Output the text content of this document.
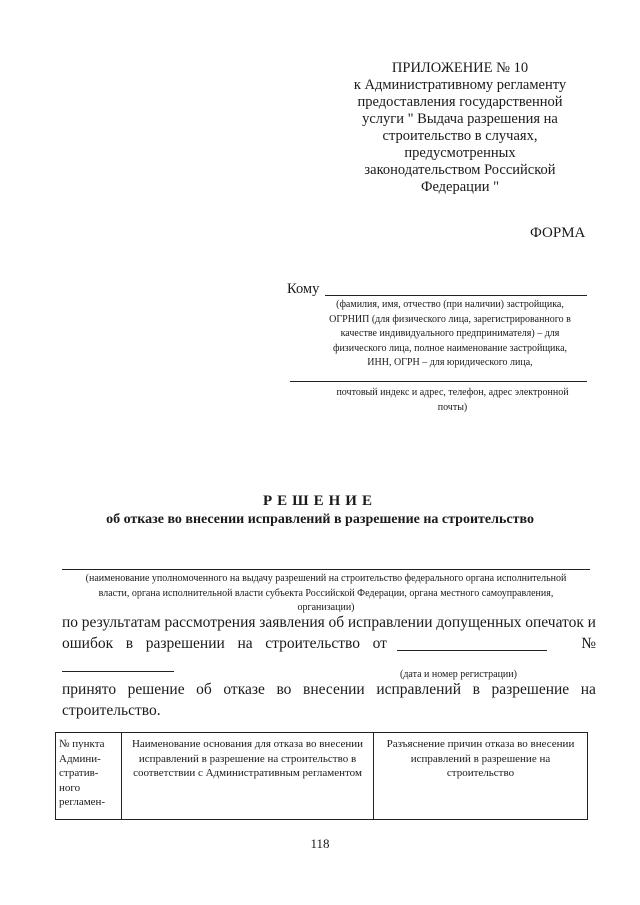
ПРИЛОЖЕНИЕ № 10
к Административному регламенту
предоставления государственной
услуги " Выдача разрешения на
строительство в случаях,
предусмотренных
законодательством Российской
Федерации "
ФОРМА
Кому
(фамилия, имя, отчество (при наличии) застройщика,
ОГРНИП (для физического лица, зарегистрированного в
качестве индивидуального предпринимателя) – для
физического лица, полное наименование застройщика,
ИНН, ОГРН – для юридического лица,
почтовый индекс и адрес, телефон, адрес электронной
почты)
РЕШЕНИЕ
об отказе во внесении исправлений в разрешение на строительство
(наименование уполномоченного на выдачу разрешений на строительство федерального органа исполнительной
власти, органа исполнительной власти субъекта Российской Федерации, органа местного самоуправления,
организации)
по результатам рассмотрения заявления об исправлении допущенных опечаток и
ошибок в разрешении на строительство от	№
(дата и номер регистрации)
принято решение об отказе во внесении исправлений в разрешение на
строительство.
№ пункта Админи-стратив-ного регламен-	Наименование основания для отказа во внесении исправлений в разрешение на строительство в соответствии с Административным регламентом	Разъяснение причин отказа во внесении исправлений в разрешение на строительство
118
